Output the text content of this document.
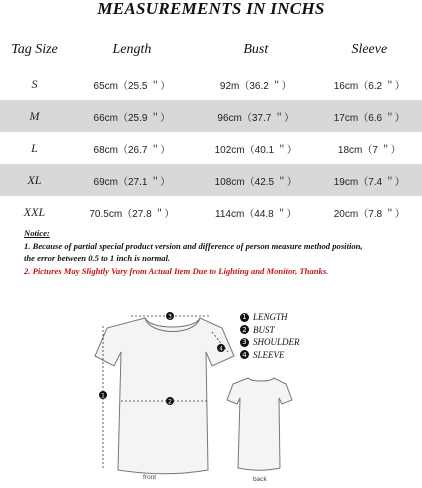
MEASUREMENTS IN INCHS
Tag Size	Length	Bust	Sleeve
S	65cm（25.5 ＂）	92m（36.2 ＂）	16cm（6.2 ＂）
M	66cm（25.9 ＂）	96cm（37.7 ＂）	17cm（6.6 ＂）
L	68cm（26.7 ＂）	102cm（40.1 ＂）	18cm（7 ＂）
XL	69cm（27.1 ＂）	108cm（42.5 ＂）	19cm（7.4 ＂）
XXL	70.5cm（27.8 ＂）	114cm（44.8 ＂）	20cm（7.8 ＂）
Notice:
1. Because of partial special product version and difference of person measure method position,
the error between 0.5 to 1 inch is normal.
2. Pictures May Slightly Vary from Actual Item Due to Lighting and Monitor, Thanks.
3
2
1
4
1 LENGTH
2 BUST
3 SHOULDER
4 SLEEVE
front	back
